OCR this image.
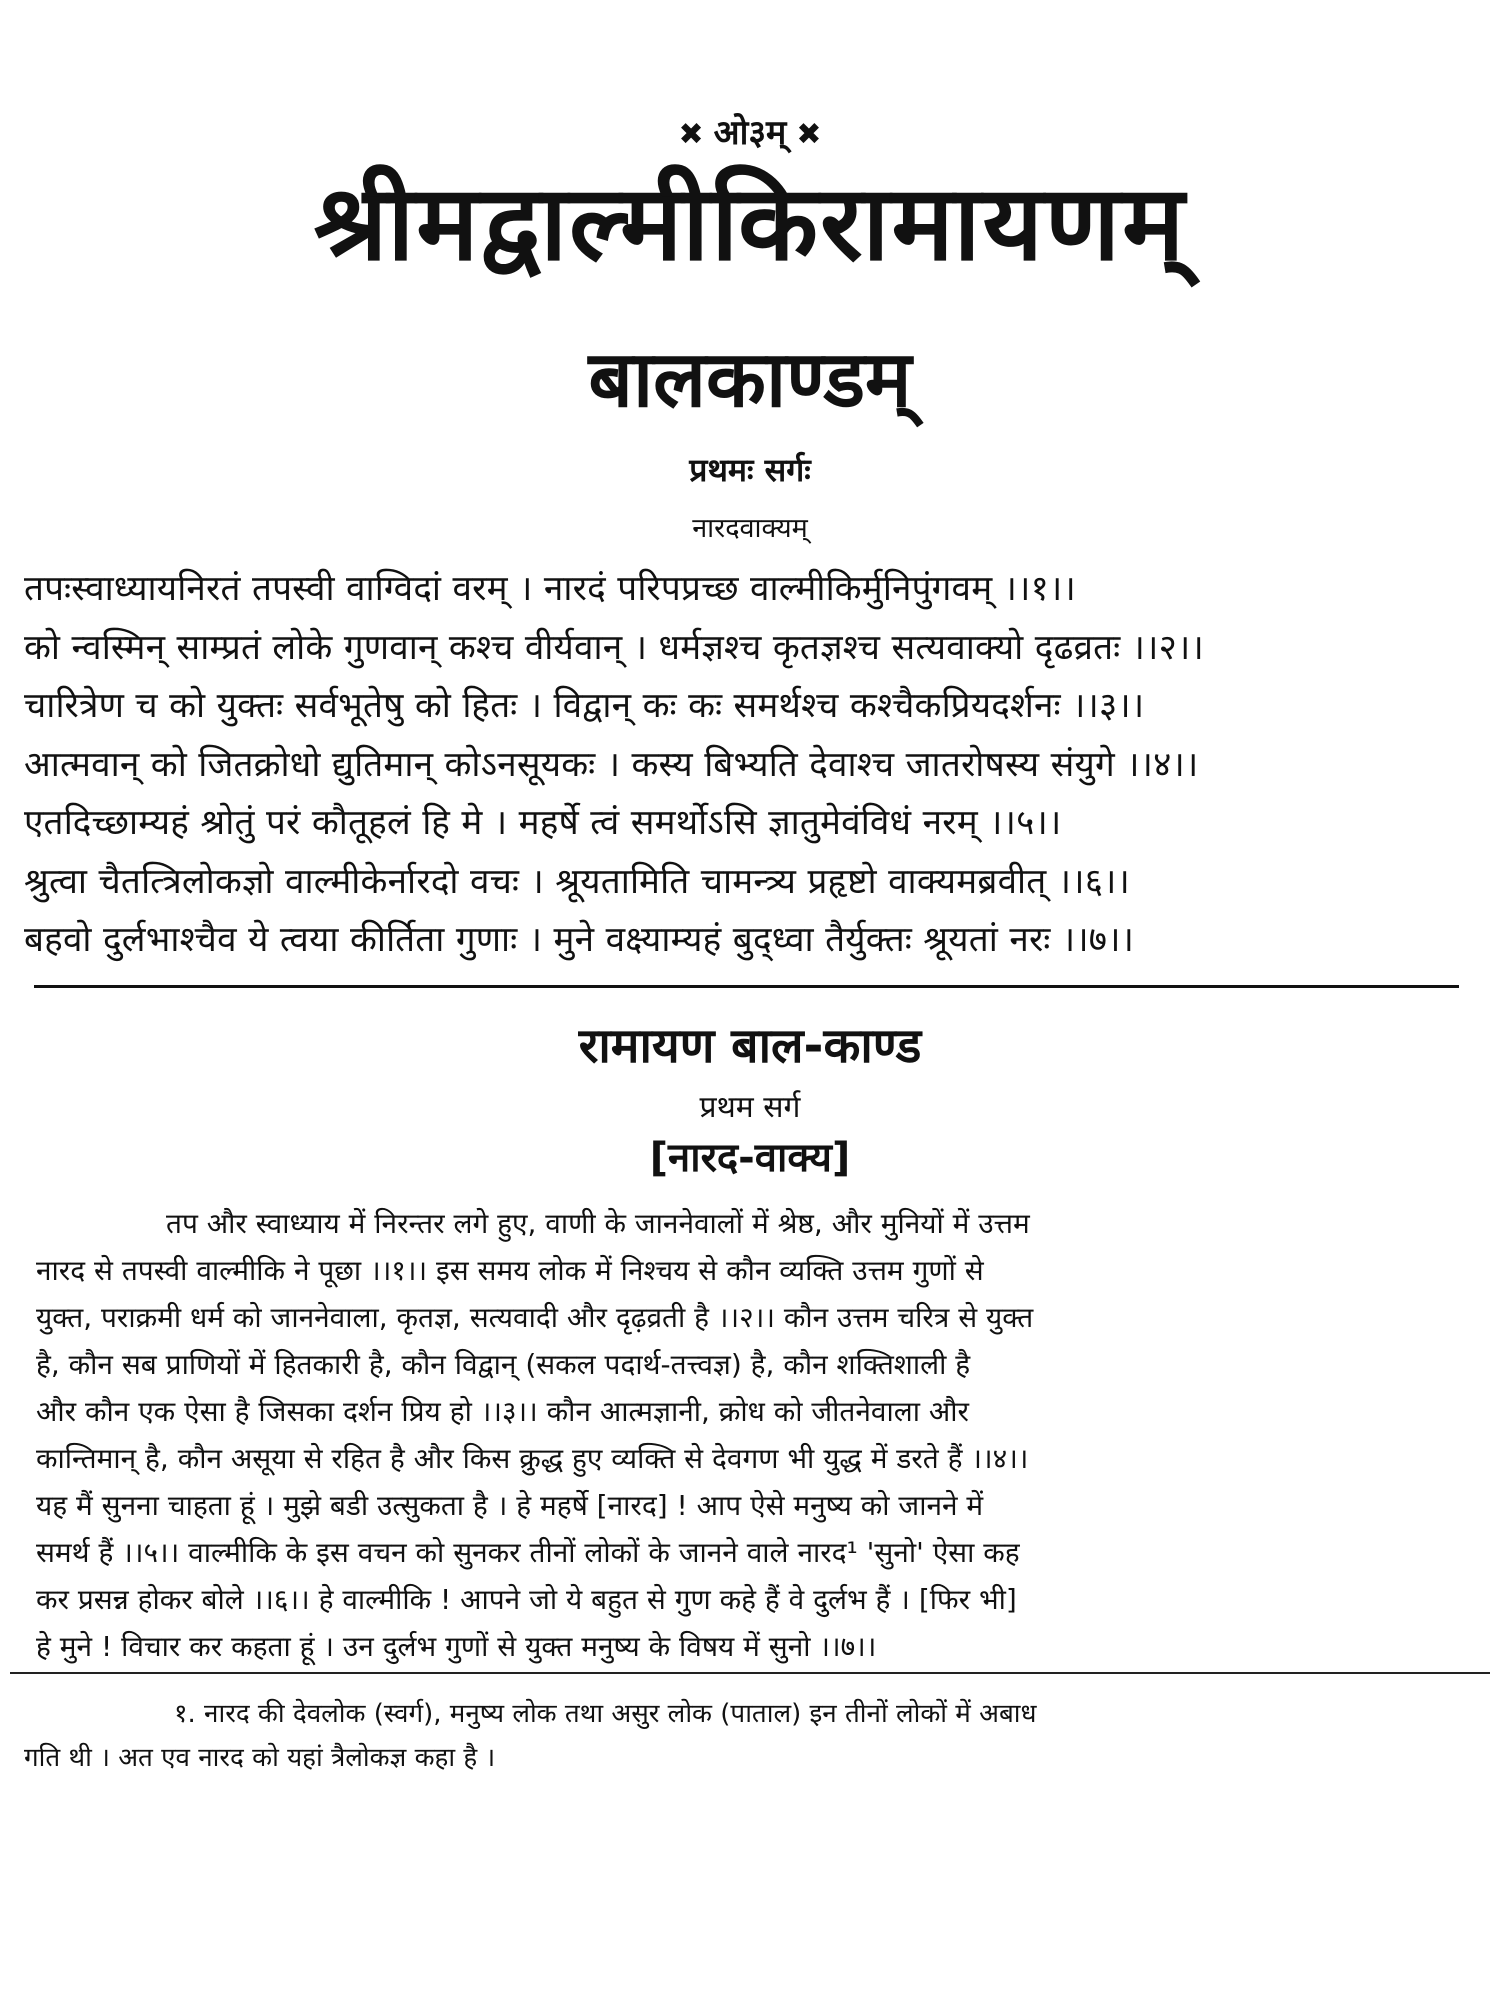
✖ ओ३म् ✖
श्रीमद्वाल्मीकिरामायणम्
बालकाण्डम्
प्रथमः सर्गः
नारदवाक्यम्
तपःस्वाध्यायनिरतं तपस्वी वाग्विदां वरम् । नारदं परिपप्रच्छ वाल्मीकिर्मुनिपुंगवम् ।।१।।
को न्वस्मिन् साम्प्रतं लोके गुणवान् कश्च वीर्यवान् । धर्मज्ञश्च कृतज्ञश्च सत्यवाक्यो दृढव्रतः ।।२।।
चारित्रेण च को युक्तः सर्वभूतेषु को हितः । विद्वान् कः कः समर्थश्च कश्चैकप्रियदर्शनः ।।३।।
आत्मवान् को जितक्रोधो द्युतिमान् कोऽनसूयकः । कस्य बिभ्यति देवाश्च जातरोषस्य संयुगे ।।४।।
एतदिच्छाम्यहं श्रोतुं परं कौतूहलं हि मे । महर्षे त्वं समर्थोऽसि ज्ञातुमेवंविधं नरम् ।।५।।
श्रुत्वा चैतत्त्रिलोकज्ञो वाल्मीकेर्नारदो वचः । श्रूयतामिति चामन्त्र्य प्रहृष्टो वाक्यमब्रवीत् ।।६।।
बहवो दुर्लभाश्चैव ये त्वया कीर्तिता गुणाः । मुने वक्ष्याम्यहं बुद्ध्वा तैर्युक्तः श्रूयतां नरः ।।७।।
रामायण बाल-काण्ड
प्रथम सर्ग
[नारद-वाक्य]
तप और स्वाध्याय में निरन्तर लगे हुए, वाणी के जाननेवालों में श्रेष्ठ, और मुनियों में उत्तम
नारद से तपस्वी वाल्मीकि ने पूछा ।।१।। इस समय लोक में निश्चय से कौन व्यक्ति उत्तम गुणों से
युक्त, पराक्रमी धर्म को जाननेवाला, कृतज्ञ, सत्यवादी और दृढ़व्रती है ।।२।। कौन उत्तम चरित्र से युक्त
है, कौन सब प्राणियों में हितकारी है, कौन विद्वान् (सकल पदार्थ-तत्त्वज्ञ) है, कौन शक्तिशाली है
और कौन एक ऐसा है जिसका दर्शन प्रिय हो ।।३।। कौन आत्मज्ञानी, क्रोध को जीतनेवाला और
कान्तिमान् है, कौन असूया से रहित है और किस क्रुद्ध हुए व्यक्ति से देवगण भी युद्ध में डरते हैं ।।४।।
यह मैं सुनना चाहता हूं । मुझे बडी उत्सुकता है । हे महर्षे [नारद] ! आप ऐसे मनुष्य को जानने में
समर्थ हैं ।।५।। वाल्मीकि के इस वचन को सुनकर तीनों लोकों के जानने वाले नारद¹ 'सुनो' ऐसा कह
कर प्रसन्न होकर बोले ।।६।। हे वाल्मीकि ! आपने जो ये बहुत से गुण कहे हैं वे दुर्लभ हैं । [फिर भी]
हे मुने ! विचार कर कहता हूं । उन दुर्लभ गुणों से युक्त मनुष्य के विषय में सुनो ।।७।।
१. नारद की देवलोक (स्वर्ग), मनुष्य लोक तथा असुर लोक (पाताल) इन तीनों लोकों में अबाध
गति थी । अत एव नारद को यहां त्रैलोकज्ञ कहा है ।
